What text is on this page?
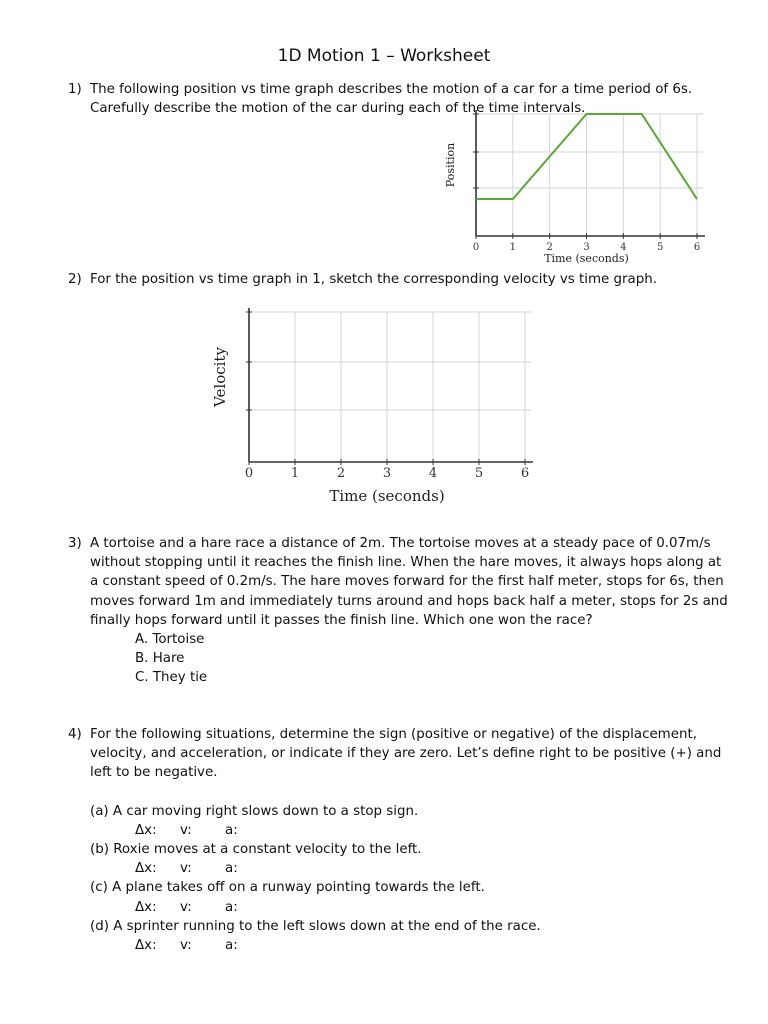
1D Motion 1 – Worksheet
1) The following position vs time graph describes the motion of a car for a time period of 6s. Carefully describe the motion of the car during each of the time intervals.
0	1	2	3	4	5	6
Time (seconds)
Position
2) For the position vs time graph in 1, sketch the corresponding velocity vs time graph.
0	1	2	3	4	5	6
Time (seconds)
Velocity
3) A tortoise and a hare race a distance of 2m. The tortoise moves at a steady pace of 0.07m/s without stopping until it reaches the finish line. When the hare moves, it always hops along at a constant speed of 0.2m/s. The hare moves forward for the first half meter, stops for 6s, then moves forward 1m and immediately turns around and hops back half a meter, stops for 2s and finally hops forward until it passes the finish line. Which one won the race?
A. Tortoise
B. Hare
C. They tie
4) For the following situations, determine the sign (positive or negative) of the displacement, velocity, and acceleration, or indicate if they are zero. Let’s define right to be positive (+) and left to be negative.
(a) A car moving right slows down to a stop sign.
Δx: v: a:
(b) Roxie moves at a constant velocity to the left.
Δx: v: a:
(c) A plane takes off on a runway pointing towards the left.
Δx: v: a:
(d) A sprinter running to the left slows down at the end of the race.
Δx: v: a:
